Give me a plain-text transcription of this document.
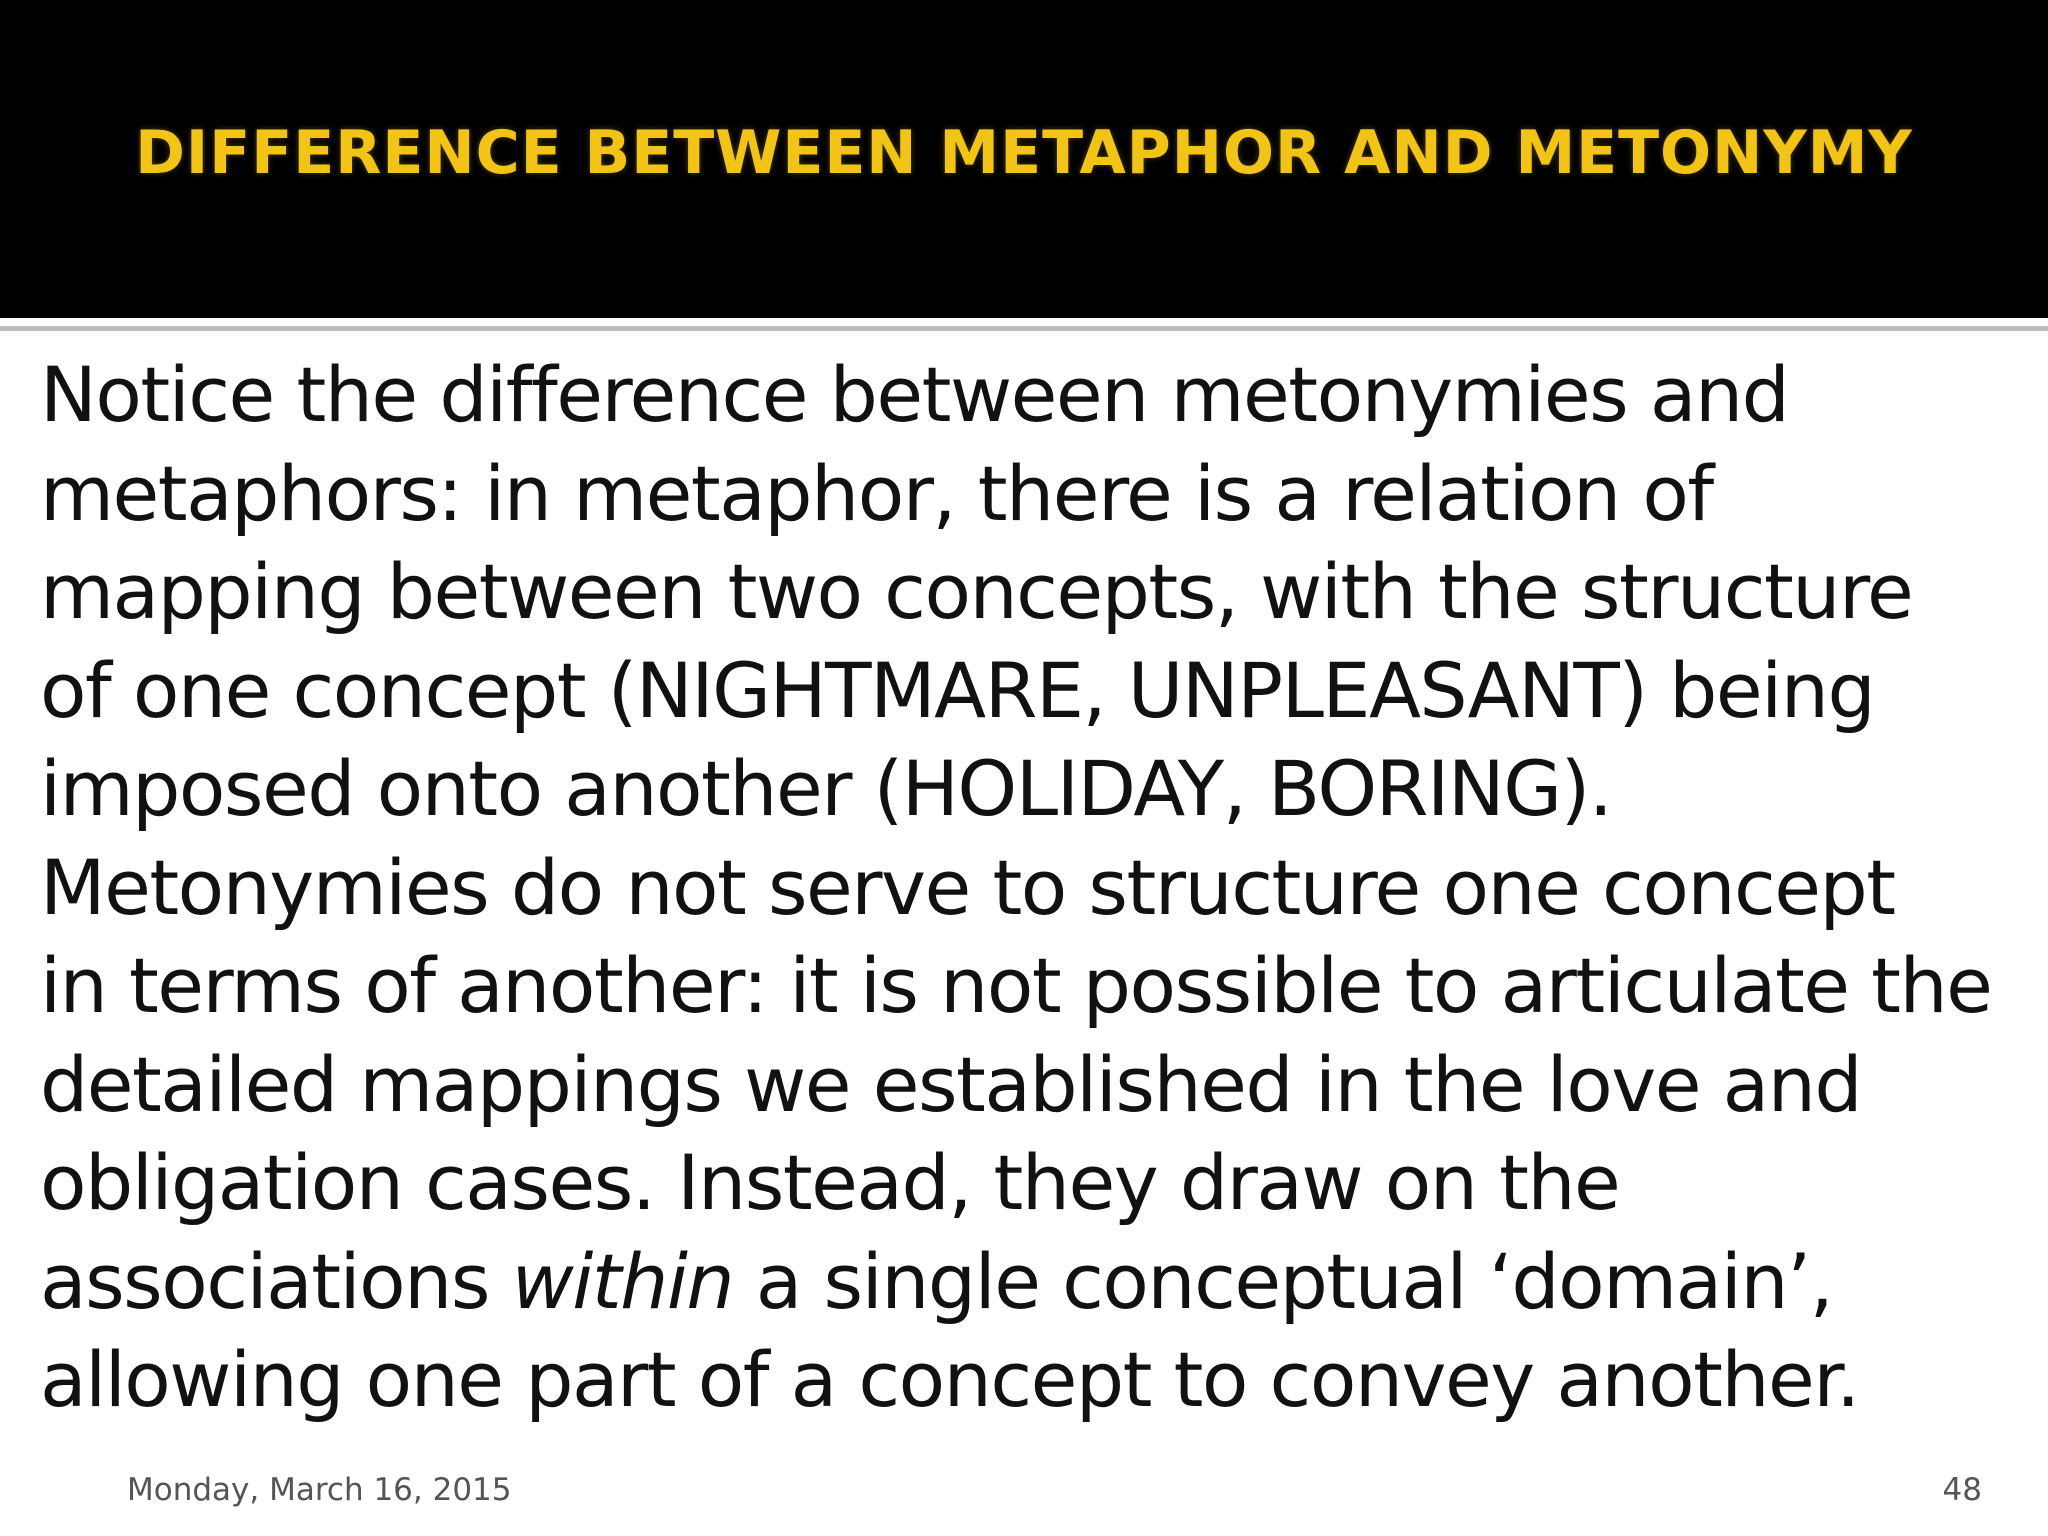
DIFFERENCE BETWEEN METAPHOR AND METONYMY
Notice the difference between metonymies and
metaphors: in metaphor, there is a relation of
mapping between two concepts, with the structure
of one concept (NIGHTMARE, UNPLEASANT) being
imposed onto another (HOLIDAY, BORING).
Metonymies do not serve to structure one concept
in terms of another: it is not possible to articulate the
detailed mappings we established in the love and
obligation cases. Instead, they draw on the
associations within a single conceptual ‘domain’,
allowing one part of a concept to convey another.
Monday, March 16, 2015	48
